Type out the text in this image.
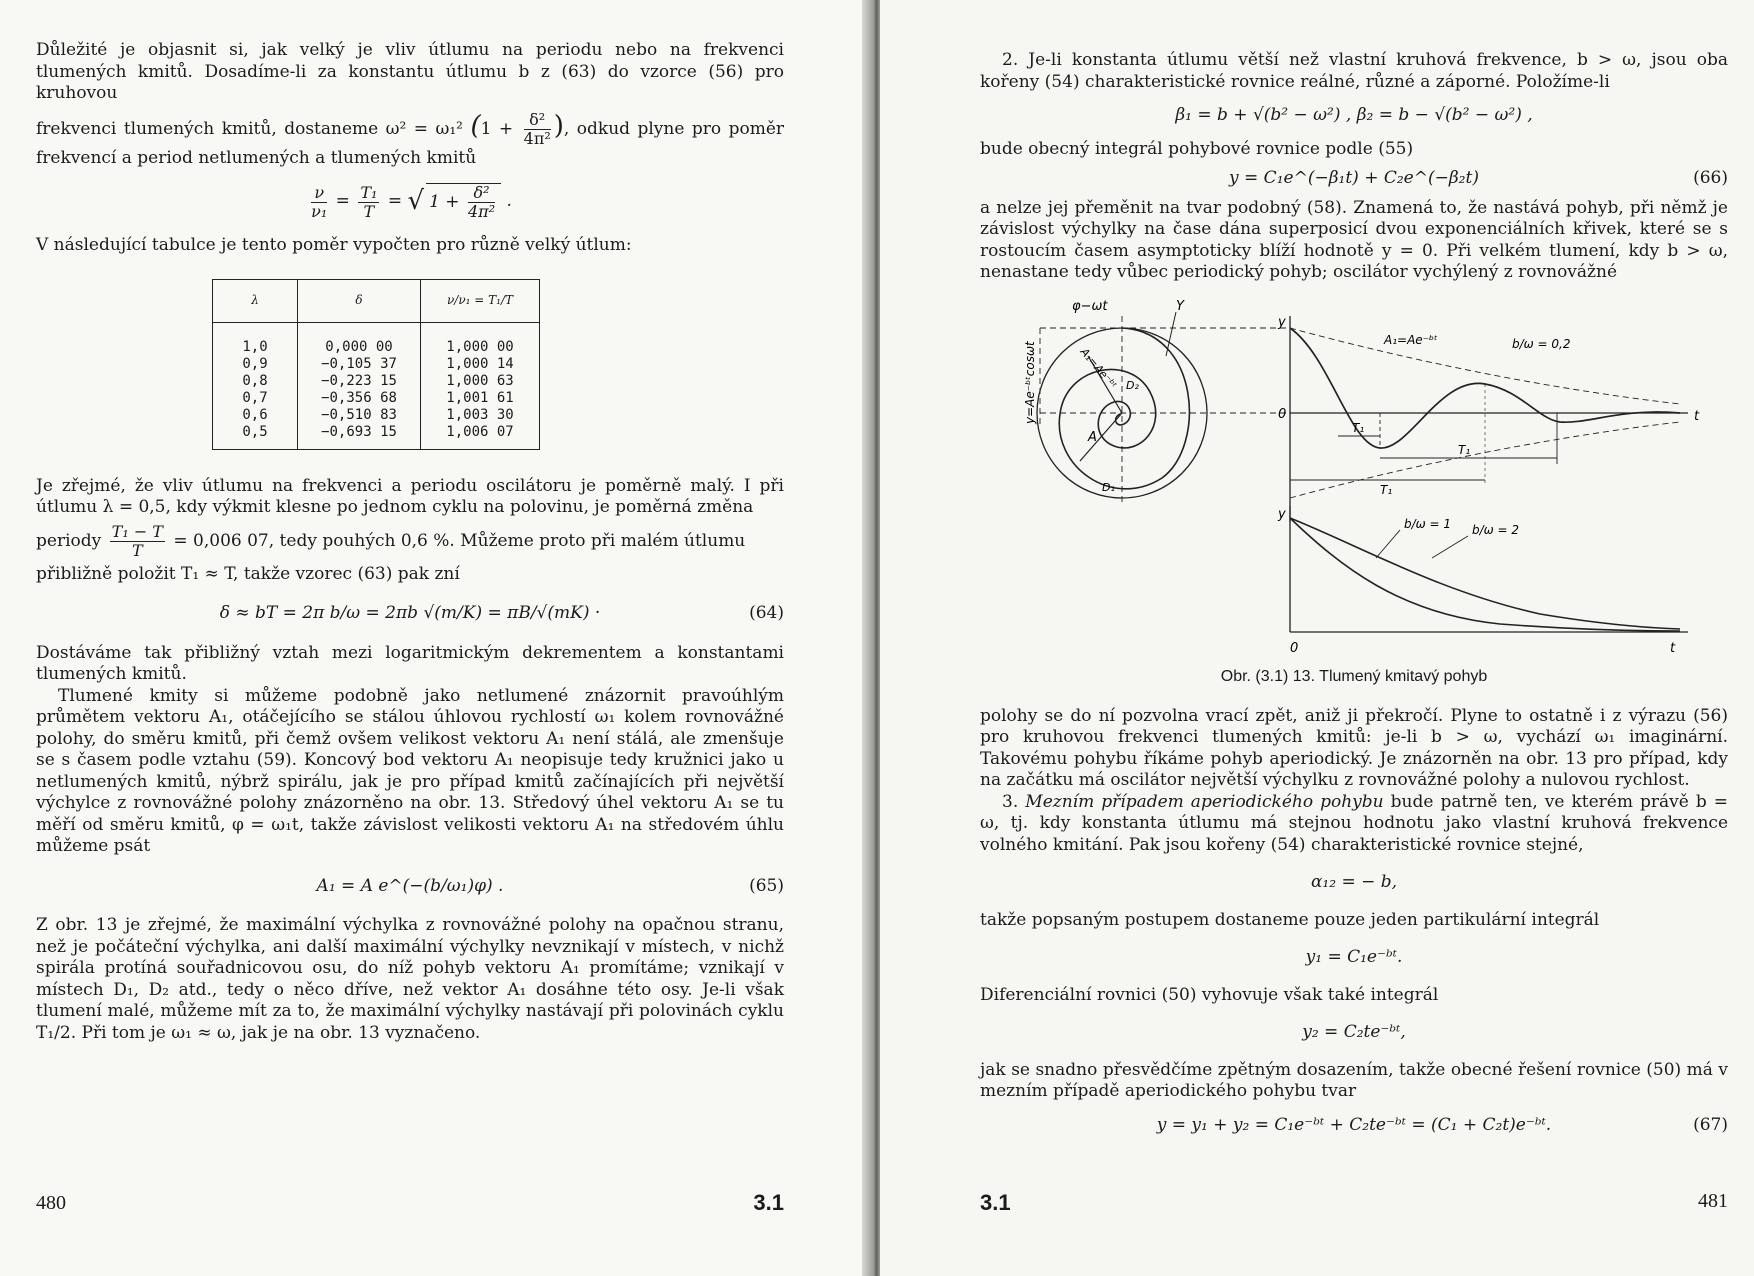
Důležité je objasnit si, jak velký je vliv útlumu na periodu nebo na frekvenci tlumených kmitů. Dosadíme-li za konstantu útlumu b z (63) do vzorce (56) pro kruhovou

frekvenci tlumených kmitů, dostaneme ω² = ω₁² ($1 + \frac{\text{δ²}}{\text{4π²}}$ ), odkud plyne pro poměr frekvencí a period netlumených a tlumených kmitů

$\frac{\nu}{\text{ν₁}} = \frac{\text{T₁}}{T}$ = √ $1 + \frac{\text{δ²}}{\text{4π²}}$ .

V následující tabulce je tento poměr vypočten pro různě velký útlum:

λ	δ	ν/ν₁ = T₁/T
1,0	0,000 00	1,000 00
0,9	−0,105 37	1,000 14
0,8	−0,223 15	1,000 63
0,7	−0,356 68	1,001 61
0,6	−0,510 83	1,003 30
0,5	−0,693 15	1,006 07

Je zřejmé, že vliv útlumu na frekvenci a periodu oscilátoru je poměrně malý. I při útlumu λ = 0,5, kdy výkmit klesne po jednom cyklu na polovinu, je poměrná změna

periody $\frac{\text{T₁ − T}}{T} = 0,006$ 07, tedy pouhých 0,6 %. Můžeme proto při malém útlumu

přibližně položit T₁ ≈ T, takže vzorec (63) pak zní

δ ≈ bT = 2π b/ω = 2πb √(m/K) = πB/√(mK) ·	(64)

Dostáváme tak přibližný vztah mezi logaritmickým dekrementem a konstantami tlumených kmitů.

Tlumené kmity si můžeme podobně jako netlumené znázornit pravoúhlým průmětem vektoru A₁, otáčejícího se stálou úhlovou rychlostí ω₁ kolem rovnovážné polohy, do směru kmitů, při čemž ovšem velikost vektoru A₁ není stálá, ale zmenšuje se s časem podle vztahu (59). Koncový bod vektoru A₁ neopisuje tedy kružnici jako u netlumených kmitů, nýbrž spirálu, jak je pro případ kmitů začínajících při největší výchylce z rovnovážné polohy znázorněno na obr. 13. Středový úhel vektoru A₁ se tu měří od směru kmitů, φ = ω₁t, takže závislost velikosti vektoru A₁ na středovém úhlu můžeme psát

A₁ = A e^(−(b/ω₁)φ) .	(65)

Z obr. 13 je zřejmé, že maximální výchylka z rovnovážné polohy na opačnou stranu, než je počáteční výchylka, ani další maximální výchylky nevznikají v místech, v nichž spirála protíná souřadnicovou osu, do níž pohyb vektoru A₁ promítáme; vznikají v místech D₁, D₂ atd., tedy o něco dříve, než vektor A₁ dosáhne této osy. Je-li však tlumení malé, můžeme mít za to, že maximální výchylky nastávají při polovinách cyklu T₁/2. Při tom je ω₁ ≈ ω, jak je na obr. 13 vyznačeno.

480	3.1

2. Je-li konstanta útlumu větší než vlastní kruhová frekvence, b > ω, jsou oba kořeny (54) charakteristické rovnice reálné, různé a záporné. Položíme-li

β₁ = b + √(b² − ω²) , β₂ = b − √(b² − ω²) ,

bude obecný integrál pohybové rovnice podle (55)

y = C₁e^(−β₁t) + C₂e^(−β₂t)	(66)

a nelze jej přeměnit na tvar podobný (58). Znamená to, že nastává pohyb, při němž je závislost výchylky na čase dána superposicí dvou exponenciálních křivek, které se s rostoucím časem asymptoticky blíží hodnotě y = 0. Při velkém tlumení, kdy b > ω, nenastane tedy vůbec periodický pohyb; oscilátor vychýlený z rovnovážné

φ−ωt	Y
y=Ae⁻ᵇᵗcosωt	A₁=Ae⁻ᵇᵗ D₂
A
D₁
y
A₁=Ae⁻ᵇᵗ	b/ω = 0,2
0	t
T₁
T₁
T₁
y
b/ω = 1 b/ω = 2
0	t
Obr. (3.1) 13. Tlumený kmitavý pohyb

polohy se do ní pozvolna vrací zpět, aniž ji překročí. Plyne to ostatně i z výrazu (56) pro kruhovou frekvenci tlumených kmitů: je-li b > ω, vychází ω₁ imaginární. Takovému pohybu říkáme pohyb aperiodický. Je znázorněn na obr. 13 pro případ, kdy na začátku má oscilátor největší výchylku z rovnovážné polohy a nulovou rychlost.

3. Mezním případem aperiodického pohybu bude patrně ten, ve kterém právě b = ω, tj. kdy konstanta útlumu má stejnou hodnotu jako vlastní kruhová frekvence volného kmitání. Pak jsou kořeny (54) charakteristické rovnice stejné,

α₁₂ = − b,

takže popsaným postupem dostaneme pouze jeden partikulární integrál

y₁ = C₁e⁻ᵇᵗ.

Diferenciální rovnici (50) vyhovuje však také integrál

y₂ = C₂te⁻ᵇᵗ,

jak se snadno přesvědčíme zpětným dosazením, takže obecné řešení rovnice (50) má v mezním případě aperiodického pohybu tvar

y = y₁ + y₂ = C₁e⁻ᵇᵗ + C₂te⁻ᵇᵗ = (C₁ + C₂t)e⁻ᵇᵗ.	(67)
3.1	481
